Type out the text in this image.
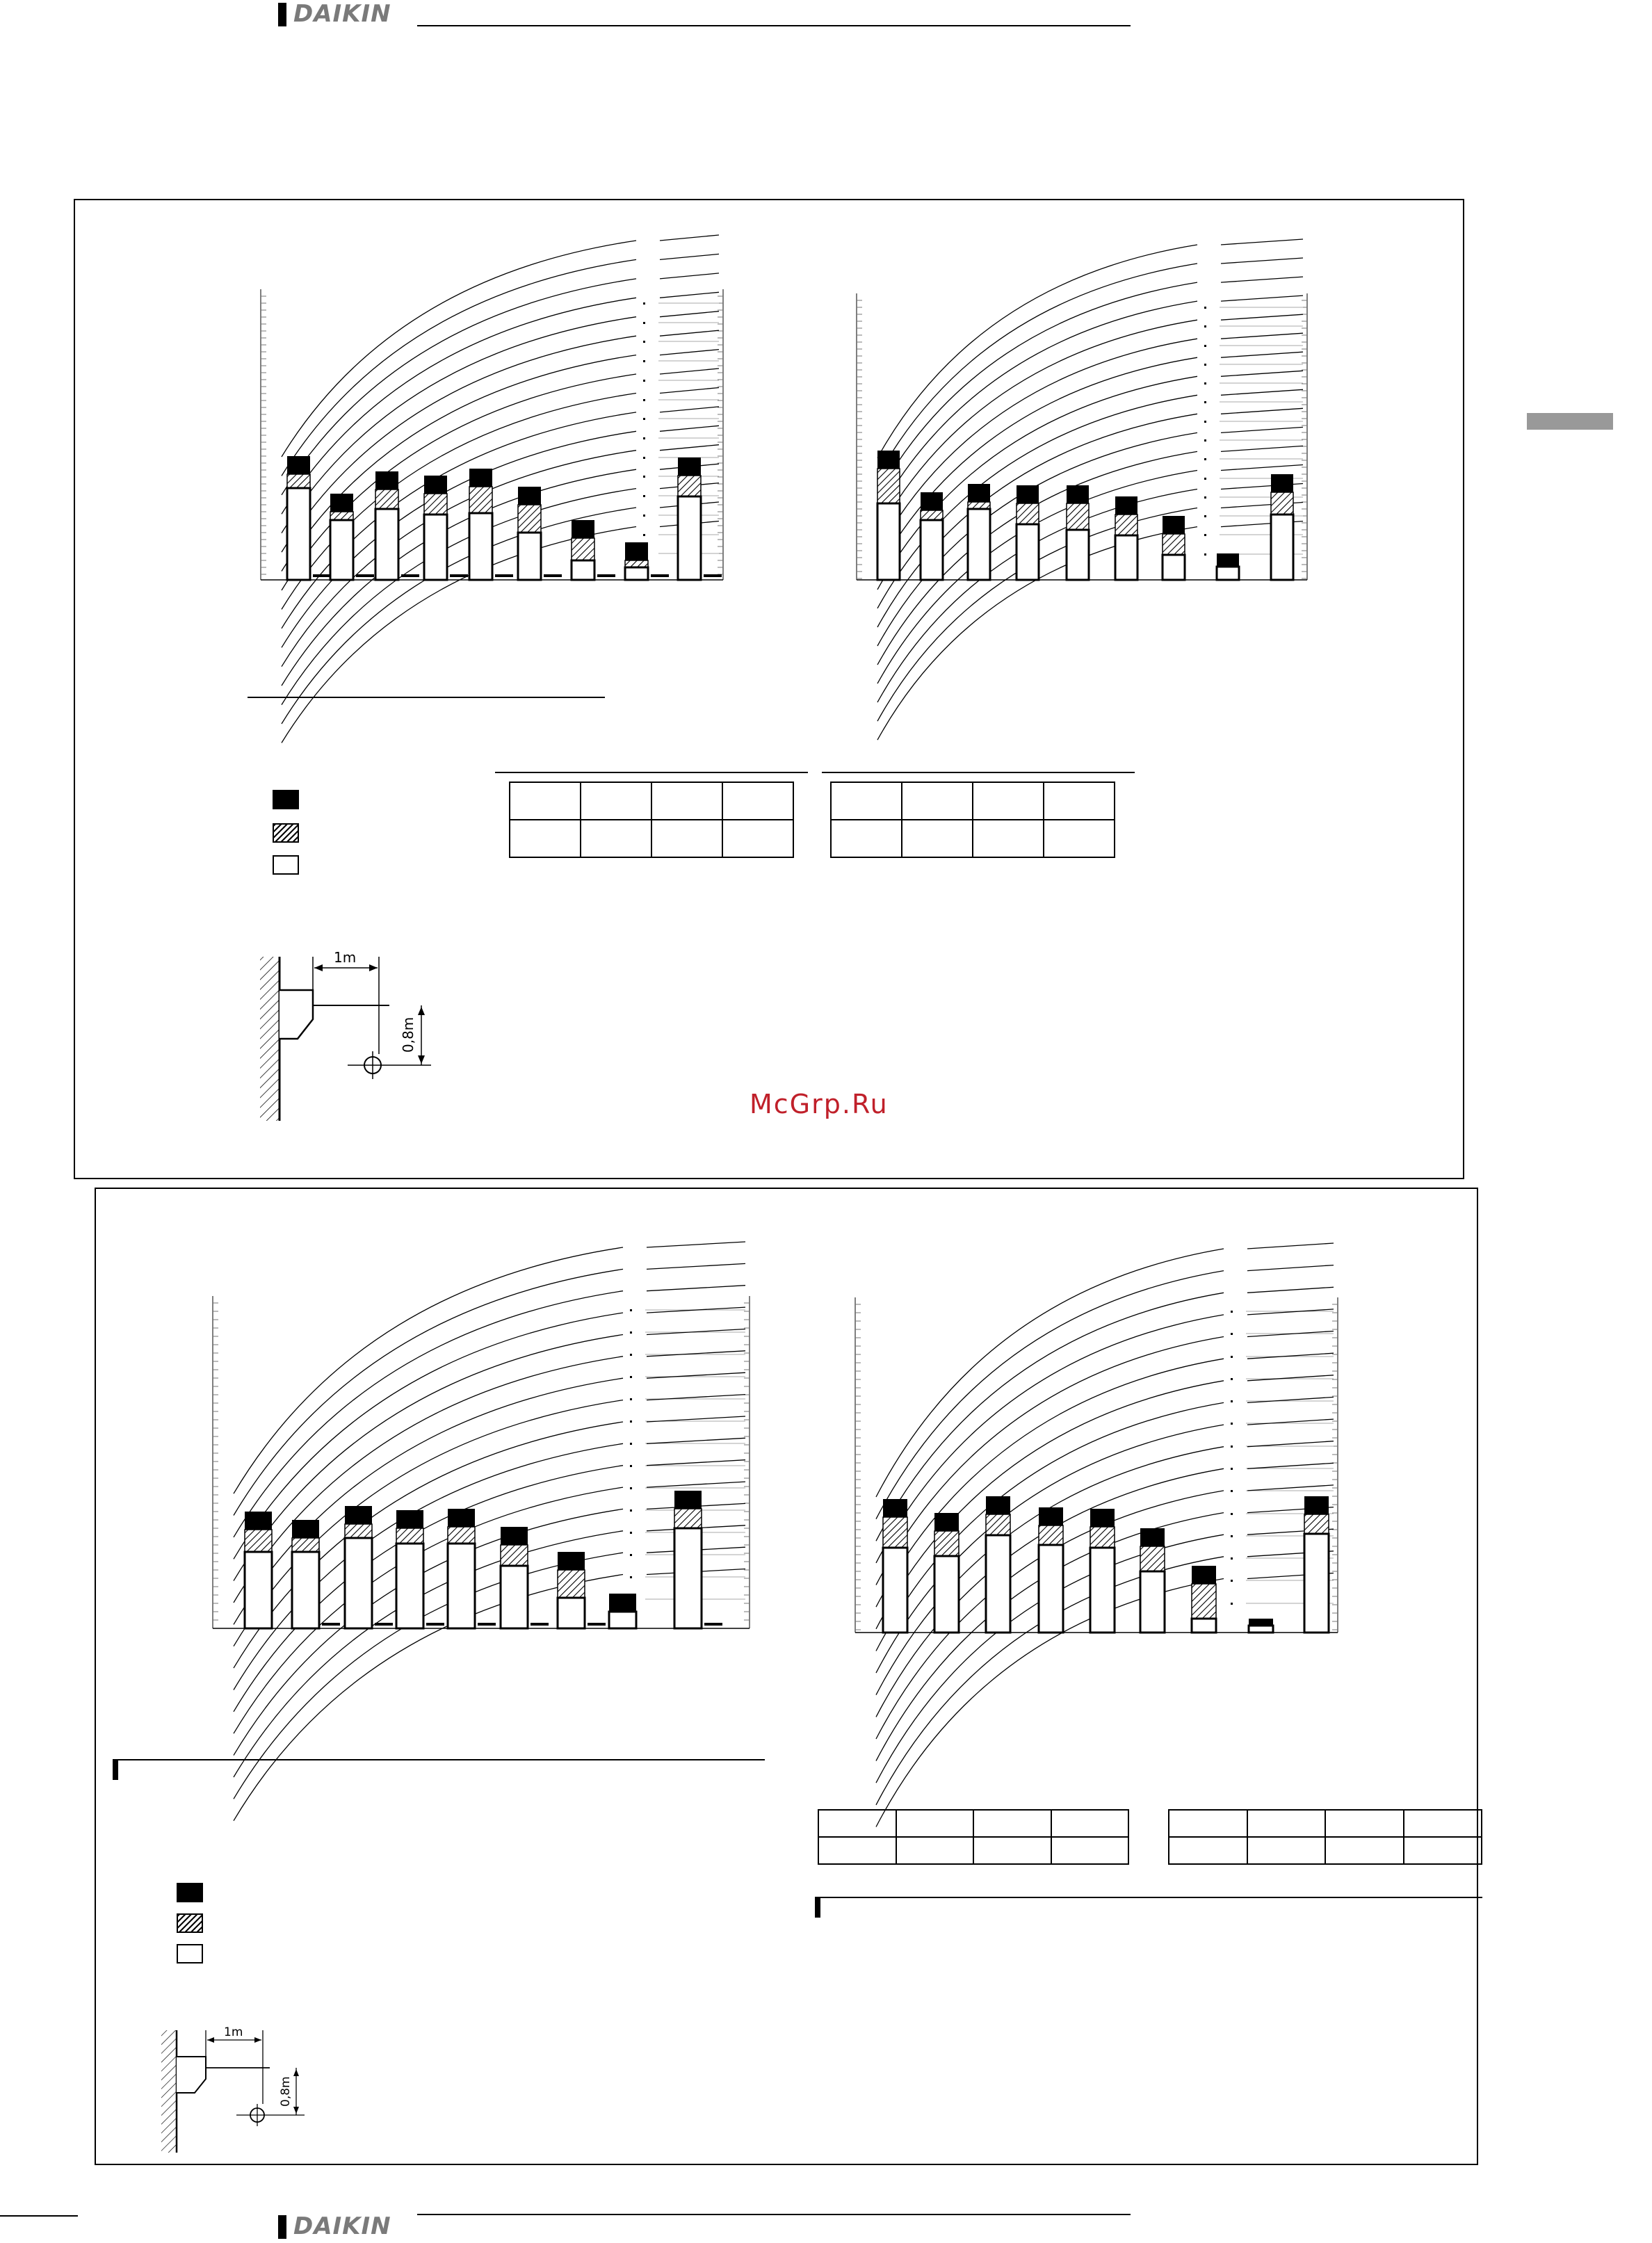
DAIKIN

1m
0,8m
McGrp.Ru

1m
0,8m
DAIKIN
